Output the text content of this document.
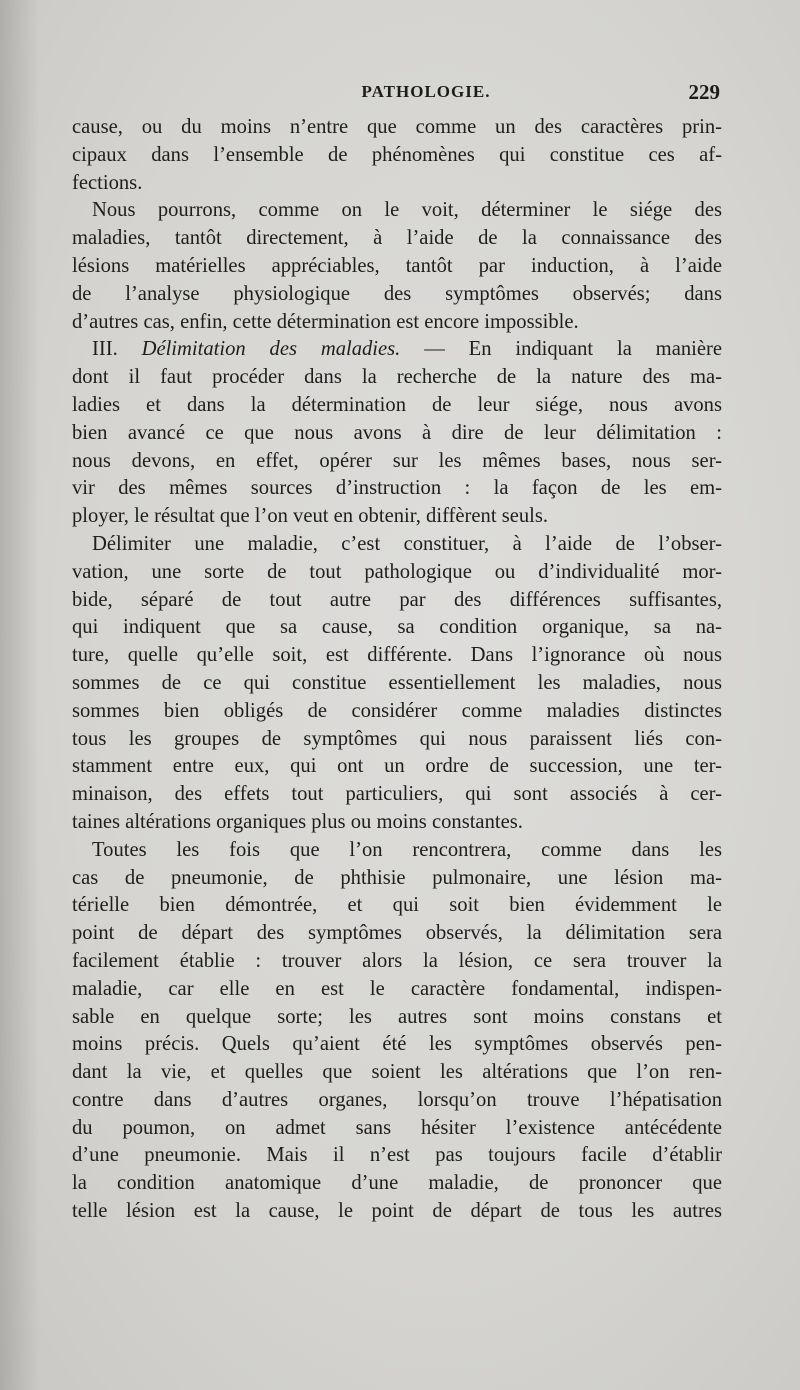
PATHOLOGIE.	229
cause, ou du moins n’entre que comme un des caractères prin-
cipaux dans l’ensemble de phénomènes qui constitue ces af-
fections.
Nous pourrons, comme on le voit, déterminer le siége des
maladies, tantôt directement, à l’aide de la connaissance des
lésions matérielles appréciables, tantôt par induction, à l’aide
de l’analyse physiologique des symptômes observés; dans
d’autres cas, enfin, cette détermination est encore impossible.
III. Délimitation des maladies. — En indiquant la manière
dont il faut procéder dans la recherche de la nature des ma-
ladies et dans la détermination de leur siége, nous avons
bien avancé ce que nous avons à dire de leur délimitation :
nous devons, en effet, opérer sur les mêmes bases, nous ser-
vir des mêmes sources d’instruction : la façon de les em-
ployer, le résultat que l’on veut en obtenir, diffèrent seuls.
Délimiter une maladie, c’est constituer, à l’aide de l’obser-
vation, une sorte de tout pathologique ou d’individualité mor-
bide, séparé de tout autre par des différences suffisantes,
qui indiquent que sa cause, sa condition organique, sa na-
ture, quelle qu’elle soit, est différente. Dans l’ignorance où nous
sommes de ce qui constitue essentiellement les maladies, nous
sommes bien obligés de considérer comme maladies distinctes
tous les groupes de symptômes qui nous paraissent liés con-
stamment entre eux, qui ont un ordre de succession, une ter-
minaison, des effets tout particuliers, qui sont associés à cer-
taines altérations organiques plus ou moins constantes.
Toutes les fois que l’on rencontrera, comme dans les
cas de pneumonie, de phthisie pulmonaire, une lésion ma-
térielle bien démontrée, et qui soit bien évidemment le
point de départ des symptômes observés, la délimitation sera
facilement établie : trouver alors la lésion, ce sera trouver la
maladie, car elle en est le caractère fondamental, indispen-
sable en quelque sorte; les autres sont moins constans et
moins précis. Quels qu’aient été les symptômes observés pen-
dant la vie, et quelles que soient les altérations que l’on ren-
contre dans d’autres organes, lorsqu’on trouve l’hépatisation
du poumon, on admet sans hésiter l’existence antécédente
d’une pneumonie. Mais il n’est pas toujours facile d’établir
la condition anatomique d’une maladie, de prononcer que
telle lésion est la cause, le point de départ de tous les autres
